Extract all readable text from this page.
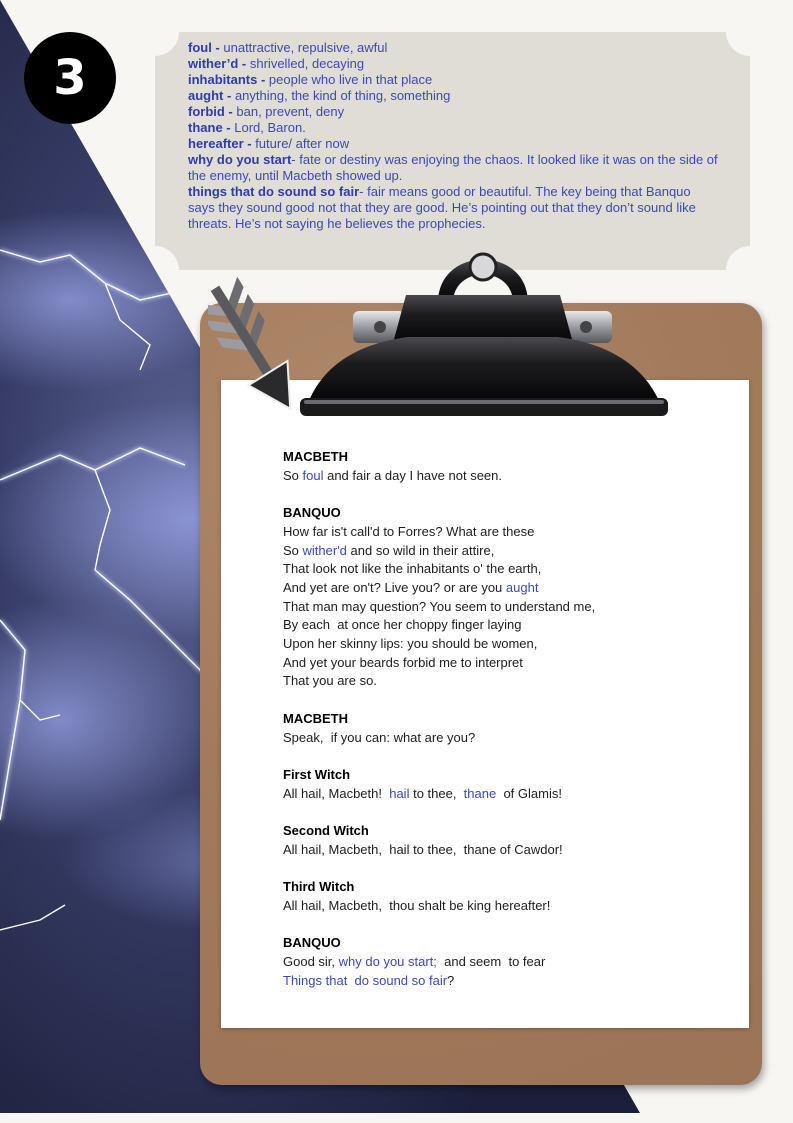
3
foul - unattractive, repulsive, awful
wither’d - shrivelled, decaying
inhabitants - people who live in that place
aught - anything, the kind of thing, something
forbid - ban, prevent, deny
thane - Lord, Baron.
hereafter - future/ after now
why do you start- fate or destiny was enjoying the chaos. It looked like it was on the side of the enemy, until Macbeth showed up.
things that do sound so fair- fair means good or beautiful. The key being that Banquo says they sound good not that they are good. He’s pointing out that they don’t sound like threats. He’s not saying he believes the prophecies.
MACBETH
So foul and fair a day I have not seen.
BANQUO
How far is't call'd to Forres? What are these
So wither'd and so wild in their attire,
That look not like the inhabitants o' the earth,
And yet are on't? Live you? or are you aught
That man may question? You seem to understand me,
By each  at once her choppy finger laying
Upon her skinny lips: you should be women,
And yet your beards forbid me to interpret
That you are so.
MACBETH
Speak,  if you can: what are you?
First Witch
All hail, Macbeth!  hail to thee,  thane  of Glamis!
Second Witch
All hail, Macbeth,  hail to thee,  thane of Cawdor!
Third Witch
All hail, Macbeth,  thou shalt be king hereafter!
BANQUO
Good sir, why do you start;  and seem  to fear
Things that  do sound so fair?
